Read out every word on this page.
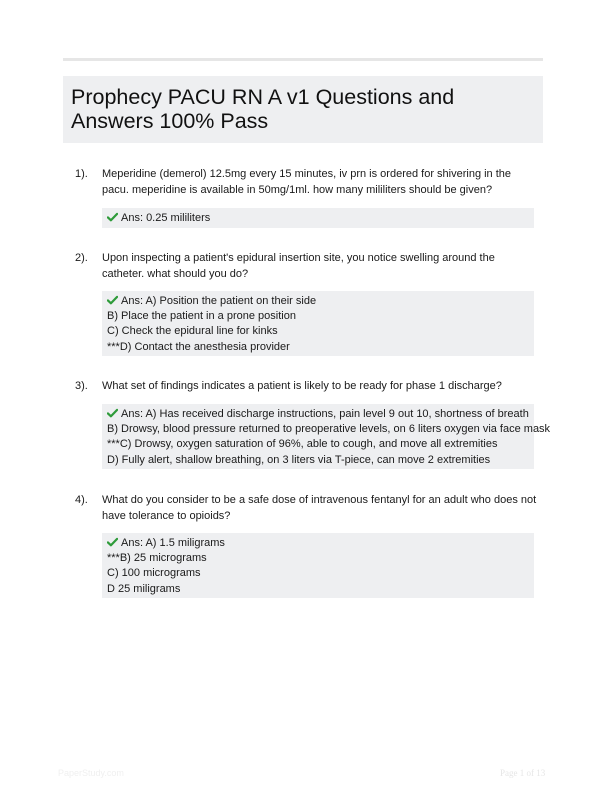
Prophecy PACU RN A v1 Questions and Answers 100% Pass
1). Meperidine (demerol) 12.5mg every 15 minutes, iv prn is ordered for shivering in the pacu. meperidine is available in 50mg/1ml. how many mililiters should be given?
Ans: 0.25 mililiters
2). Upon inspecting a patient's epidural insertion site, you notice swelling around the catheter. what should you do?
Ans: A) Position the patient on their side
B) Place the patient in a prone position
C) Check the epidural line for kinks
***D) Contact the anesthesia provider
3). What set of findings indicates a patient is likely to be ready for phase 1 discharge?
Ans: A) Has received discharge instructions, pain level 9 out 10, shortness of breath
B) Drowsy, blood pressure returned to preoperative levels, on 6 liters oxygen via face mask
***C) Drowsy, oxygen saturation of 96%, able to cough, and move all extremities
D) Fully alert, shallow breathing, on 3 liters via T-piece, can move 2 extremities
4). What do you consider to be a safe dose of intravenous fentanyl for an adult who does not have tolerance to opioids?
Ans: A) 1.5 miligrams
***B) 25 micrograms
C) 100 micrograms
D 25 miligrams
PaperStudy.com	Page 1 of 13
